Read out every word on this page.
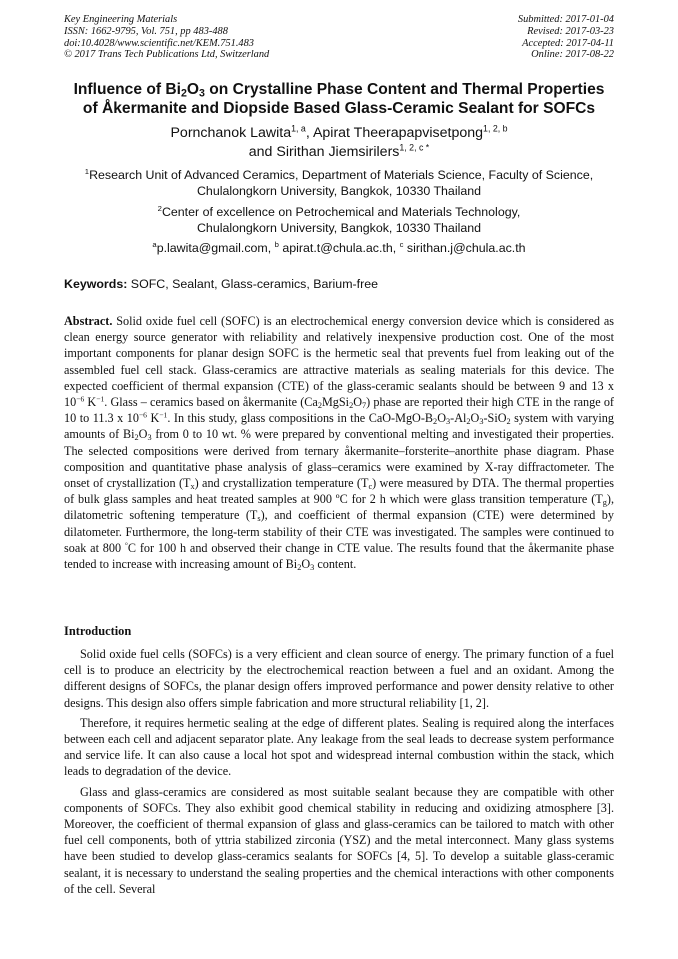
Key Engineering Materials
ISSN: 1662-9795, Vol. 751, pp 483-488
doi:10.4028/www.scientific.net/KEM.751.483
© 2017 Trans Tech Publications Ltd, Switzerland
Submitted: 2017-01-04
Revised: 2017-03-23
Accepted: 2017-04-11
Online: 2017-08-22
Influence of $Bi_2O_3$ on Crystalline Phase Content and Thermal Properties
of Åkermanite and Diopside Based Glass-Ceramic Sealant for SOFCs
Pornchanok Lawita$^{1, a}$, Apirat Theerapapvisetpong$^{1, 2, b}$
and Sirithan Jiemsirilers$^{1, 2, c *}$
$^1$Research Unit of Advanced Ceramics, Department of Materials Science, Faculty of Science,
Chulalongkorn University, Bangkok, 10330 Thailand
$^2$Center of excellence on Petrochemical and Materials Technology,
Chulalongkorn University, Bangkok, 10330 Thailand
$^a$p.lawita@gmail.com, $^b$ apirat.t@chula.ac.th, $^c$ sirithan.j@chula.ac.th
Keywords: SOFC, Sealant, Glass-ceramics, Barium-free

Abstract. Solid oxide fuel cell (SOFC) is an electrochemical energy conversion device which is considered as clean energy source generator with reliability and relatively inexpensive production cost. One of the most important components for planar design SOFC is the hermetic seal that prevents fuel from leaking out of the assembled fuel cell stack. Glass-ceramics are attractive materials as sealing materials for this device. The expected coefficient of thermal expansion (CTE) of the glass-ceramic sealants should be between 9 and 13 x $10^{-6}$ $K^{-1}$. Glass – ceramics based on åkermanite $(Ca_2MgSi_2O_7)$ phase are reported their high CTE in the range of 10 to 11.3 x $10^{-6}$ $K^{-1}$. In this study, glass compositions in the CaO-$MgO-B_2O_3-Al_2O_3-SiO_2$ system with varying amounts of $Bi_2O_3$ from 0 to 10 wt. % were prepared by conventional melting and investigated their properties. The selected compositions were derived from ternary åkermanite–forsterite–anorthite phase diagram. Phase composition and quantitative phase analysis of glass–ceramics were examined by X-ray diffractometer. The onset of crystallization $(T_x)$ and crystallization temperature $(T_c)$ were measured by DTA. The thermal properties of bulk glass samples and heat treated samples at 900 ºC for 2 h which were glass transition temperature $(T_g)$, dilatometric softening temperature $(T_s)$, and coefficient of thermal expansion (CTE) were determined by dilatometer. Furthermore, the long-term stability of their CTE was investigated. The samples were continued to soak at 800 °C for 100 h and observed their change in CTE value. The results found that the åkermanite phase tended to increase with increasing amount of $Bi_2O_3$ content.

Introduction

Solid oxide fuel cells (SOFCs) is a very efficient and clean source of energy. The primary function of a fuel cell is to produce an electricity by the electrochemical reaction between a fuel and an oxidant. Among the different designs of SOFCs, the planar design offers improved performance and power density relative to other designs. This design also offers simple fabrication and more structural reliability [1, 2].

Therefore, it requires hermetic sealing at the edge of different plates. Sealing is required along the interfaces between each cell and adjacent separator plate. Any leakage from the seal leads to decrease system performance and service life. It can also cause a local hot spot and widespread internal combustion within the stack, which leads to degradation of the device.

Glass and glass-ceramics are considered as most suitable sealant because they are compatible with other components of SOFCs. They also exhibit good chemical stability in reducing and oxidizing atmosphere [3]. Moreover, the coefficient of thermal expansion of glass and glass-ceramics can be tailored to match with other fuel cell components, both of yttria stabilized zirconia (YSZ) and the metal interconnect. Many glass systems have been studied to develop glass-ceramics sealants for SOFCs [4, 5]. To develop a suitable glass-ceramic sealant, it is necessary to understand the sealing properties and the chemical interactions with other components of the cell. Several
